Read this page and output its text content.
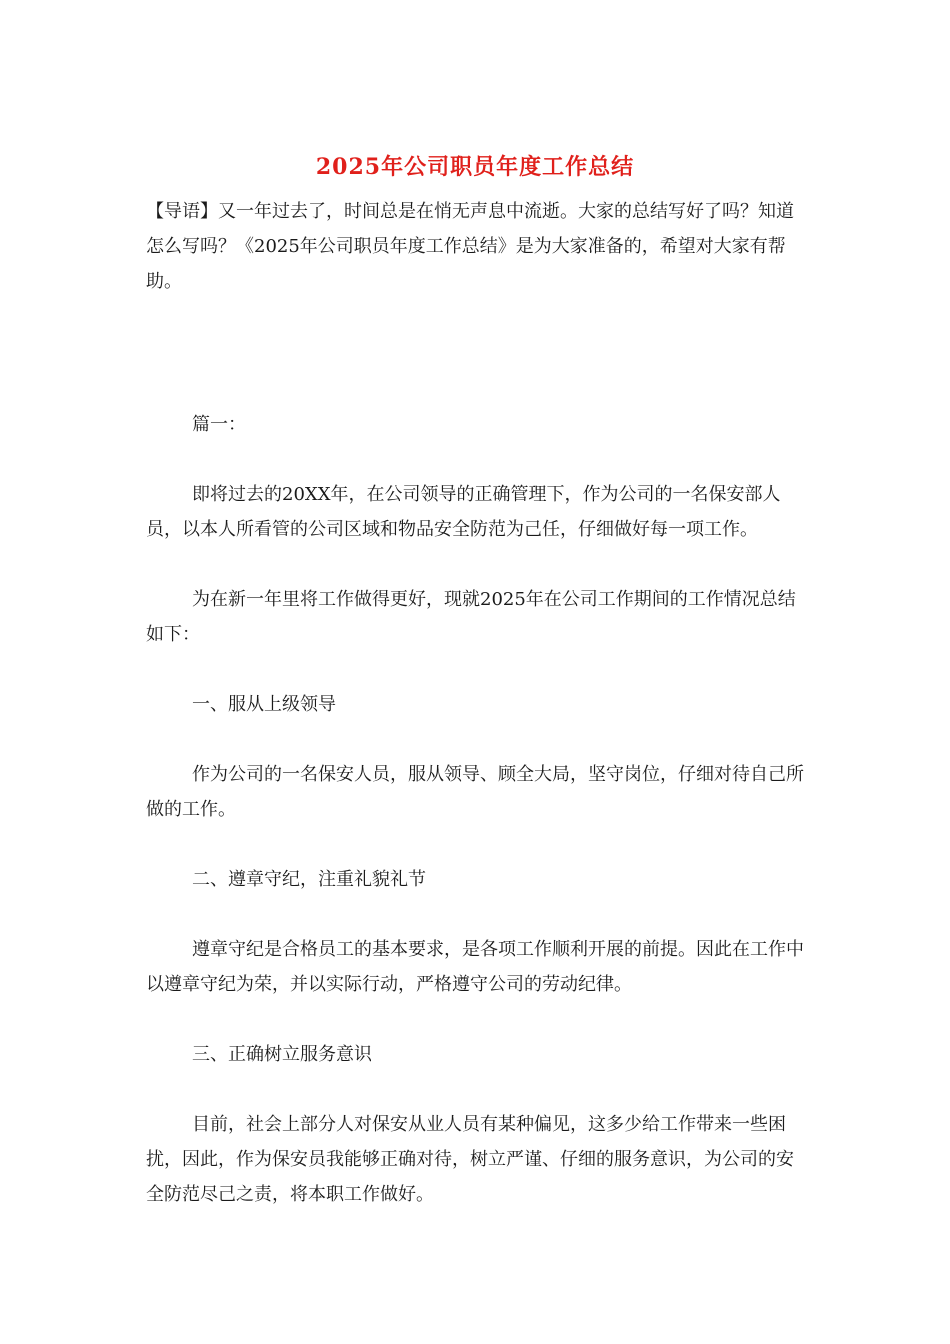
2025年公司职员年度工作总结

【导语】又一年过去了，时间总是在悄无声息中流逝。大家的总结写好了吗？知道怎么写吗？《2025年公司职员年度工作总结》是为大家准备的，希望对大家有帮助。

篇一：

即将过去的20XX年，在公司领导的正确管理下，作为公司的一名保安部人员，以本人所看管的公司区域和物品安全防范为己任，仔细做好每一项工作。

为在新一年里将工作做得更好，现就2025年在公司工作期间的工作情况总结如下：

一、服从上级领导

作为公司的一名保安人员，服从领导、顾全大局，坚守岗位，仔细对待自己所做的工作。

二、遵章守纪，注重礼貌礼节

遵章守纪是合格员工的基本要求，是各项工作顺利开展的前提。因此在工作中以遵章守纪为荣，并以实际行动，严格遵守公司的劳动纪律。

三、正确树立服务意识

目前，社会上部分人对保安从业人员有某种偏见，这多少给工作带来一些困扰，因此，作为保安员我能够正确对待，树立严谨、仔细的服务意识，为公司的安全防范尽己之责，将本职工作做好。
